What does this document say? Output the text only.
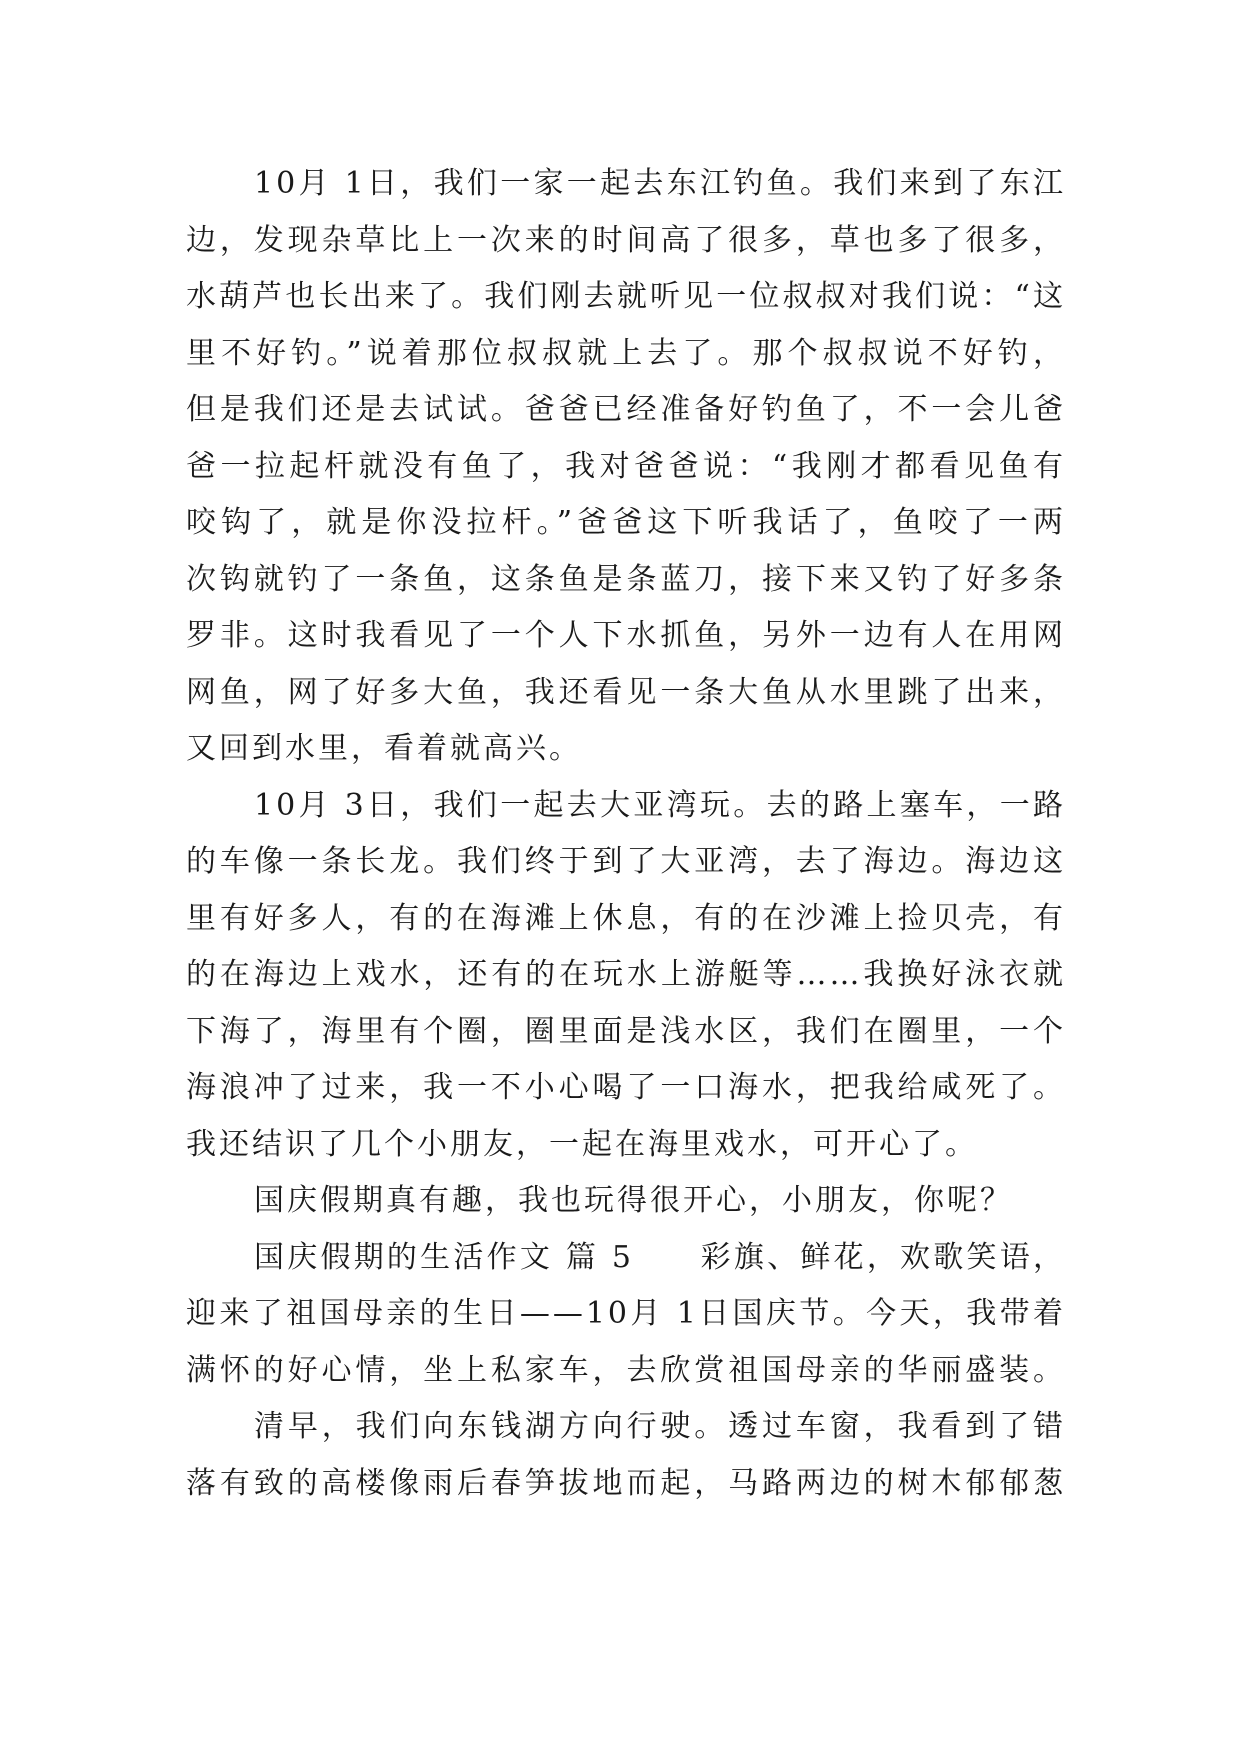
10月 1日，我们一家一起去东江钓鱼。我们来到了东江
边，发现杂草比上一次来的时间高了很多，草也多了很多，
水葫芦也长出来了。我们刚去就听见一位叔叔对我们说：“这
里不好钓。”说着那位叔叔就上去了。那个叔叔说不好钓，
但是我们还是去试试。爸爸已经准备好钓鱼了，不一会儿爸
爸一拉起杆就没有鱼了，我对爸爸说：“我刚才都看见鱼有
咬钩了，就是你没拉杆。”爸爸这下听我话了，鱼咬了一两
次钩就钓了一条鱼，这条鱼是条蓝刀，接下来又钓了好多条
罗非。这时我看见了一个人下水抓鱼，另外一边有人在用网
网鱼，网了好多大鱼，我还看见一条大鱼从水里跳了出来，
又回到水里，看着就高兴。
10月 3日，我们一起去大亚湾玩。去的路上塞车，一路
的车像一条长龙。我们终于到了大亚湾，去了海边。海边这
里有好多人，有的在海滩上休息，有的在沙滩上捡贝壳，有
的在海边上戏水，还有的在玩水上游艇等……我换好泳衣就
下海了，海里有个圈，圈里面是浅水区，我们在圈里，一个
海浪冲了过来，我一不小心喝了一口海水，把我给咸死了。
我还结识了几个小朋友，一起在海里戏水，可开心了。
国庆假期真有趣，我也玩得很开心，小朋友，你呢？
国庆假期的生活作文 篇 5　　彩旗、鲜花，欢歌笑语，
迎来了祖国母亲的生日——10月 1日国庆节。今天，我带着
满怀的好心情，坐上私家车，去欣赏祖国母亲的华丽盛装。
清早，我们向东钱湖方向行驶。透过车窗，我看到了错
落有致的高楼像雨后春笋拔地而起，马路两边的树木郁郁葱
